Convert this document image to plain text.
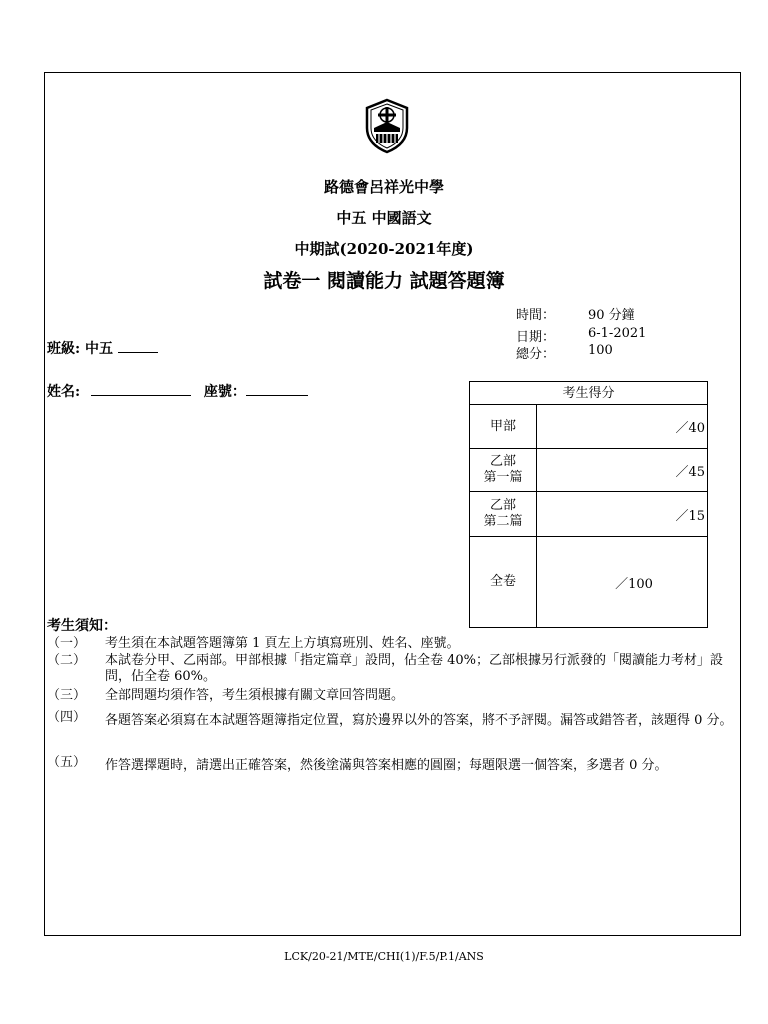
路德會呂祥光中學
中五 中國語文
中期試(2020-2021年度)
試卷一 閱讀能力 試題答題簿
時間：	90 分鐘
日期：	6-1-2021
總分：	100
班級: 中五
姓名:	座號：	考生得分	
甲部	／40
乙部
第一篇	／45
乙部
第二篇	／15
全卷	／100
考生須知：
（一）	考生須在本試題答題簿第 1 頁左上方填寫班別、姓名、座號。
（二）	本試卷分甲、乙兩部。甲部根據「指定篇章」設問，佔全卷 40%；乙部根據另行派發的「閱讀能力考材」設問，佔全卷 60%。
（三）	全部問題均須作答，考生須根據有關文章回答問題。
（四）	各題答案必須寫在本試題答題簿指定位置，寫於邊界以外的答案，將不予評閱。漏答或錯答者，該題得 0 分。
（五）	作答選擇題時，請選出正確答案，然後塗滿與答案相應的圓圈；每題限選一個答案，多選者 0 分。
LCK/20-21/MTE/CHI(1)/F.5/P.1/ANS
